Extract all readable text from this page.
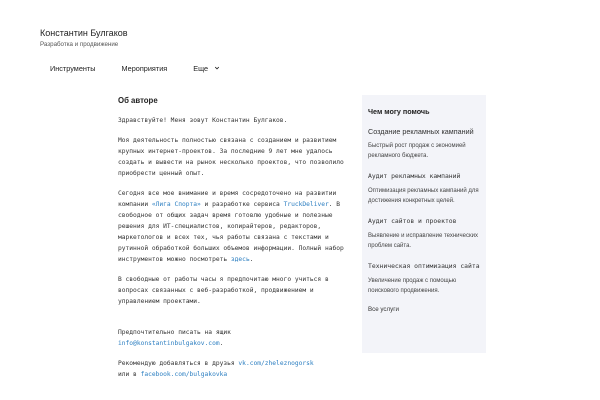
Константин Булгаков
Разработка и продвижение
Инструменты	Мероприятия	Еще
Об авторе

Здравствуйте! Меня зовут Константин Булгаков.

Моя деятельность полностью связана с созданием и развитием крупных интернет-проектов. За последние 9 лет мне удалось создать и вывести на рынок несколько проектов, что позволило приобрести ценный опыт.

Сегодня все мое внимание и время сосредоточено на развитии компании «Лига Спорта» и разработке сервиса TruckDeliver. В свободное от общих задач время готовлю удобные и полезные решения для ИТ-специалистов, копирайтеров, редакторов, маркетологов и всех тех, чья работы связана с текстами и рутинной обработкой больших объемов информации. Полный набор инструментов можно посмотреть здесь.

В свободные от работы часы я предпочитаю много учиться в вопросах связанных с веб-разработкой, продвижением и управлением проектами.

Предпочтительно писать на ящик
info@konstantinbulgakov.com.

Рекомендую добавляться в друзья vk.com/zheleznogorsk
или в facebook.com/bulgakovka

Чем могу помочь
Создание рекламных кампаний
Быстрый рост продаж с экономией рекламного бюджета.
Аудит рекламных кампаний
Оптимизация рекламных кампаний для достижения конкретных целей.
Аудит сайтов и проектов
Выявление и исправление технических проблем сайта.
Техническая оптимизация сайта
Увеличение продаж с помощью поискового продвижения.
Все услуги
